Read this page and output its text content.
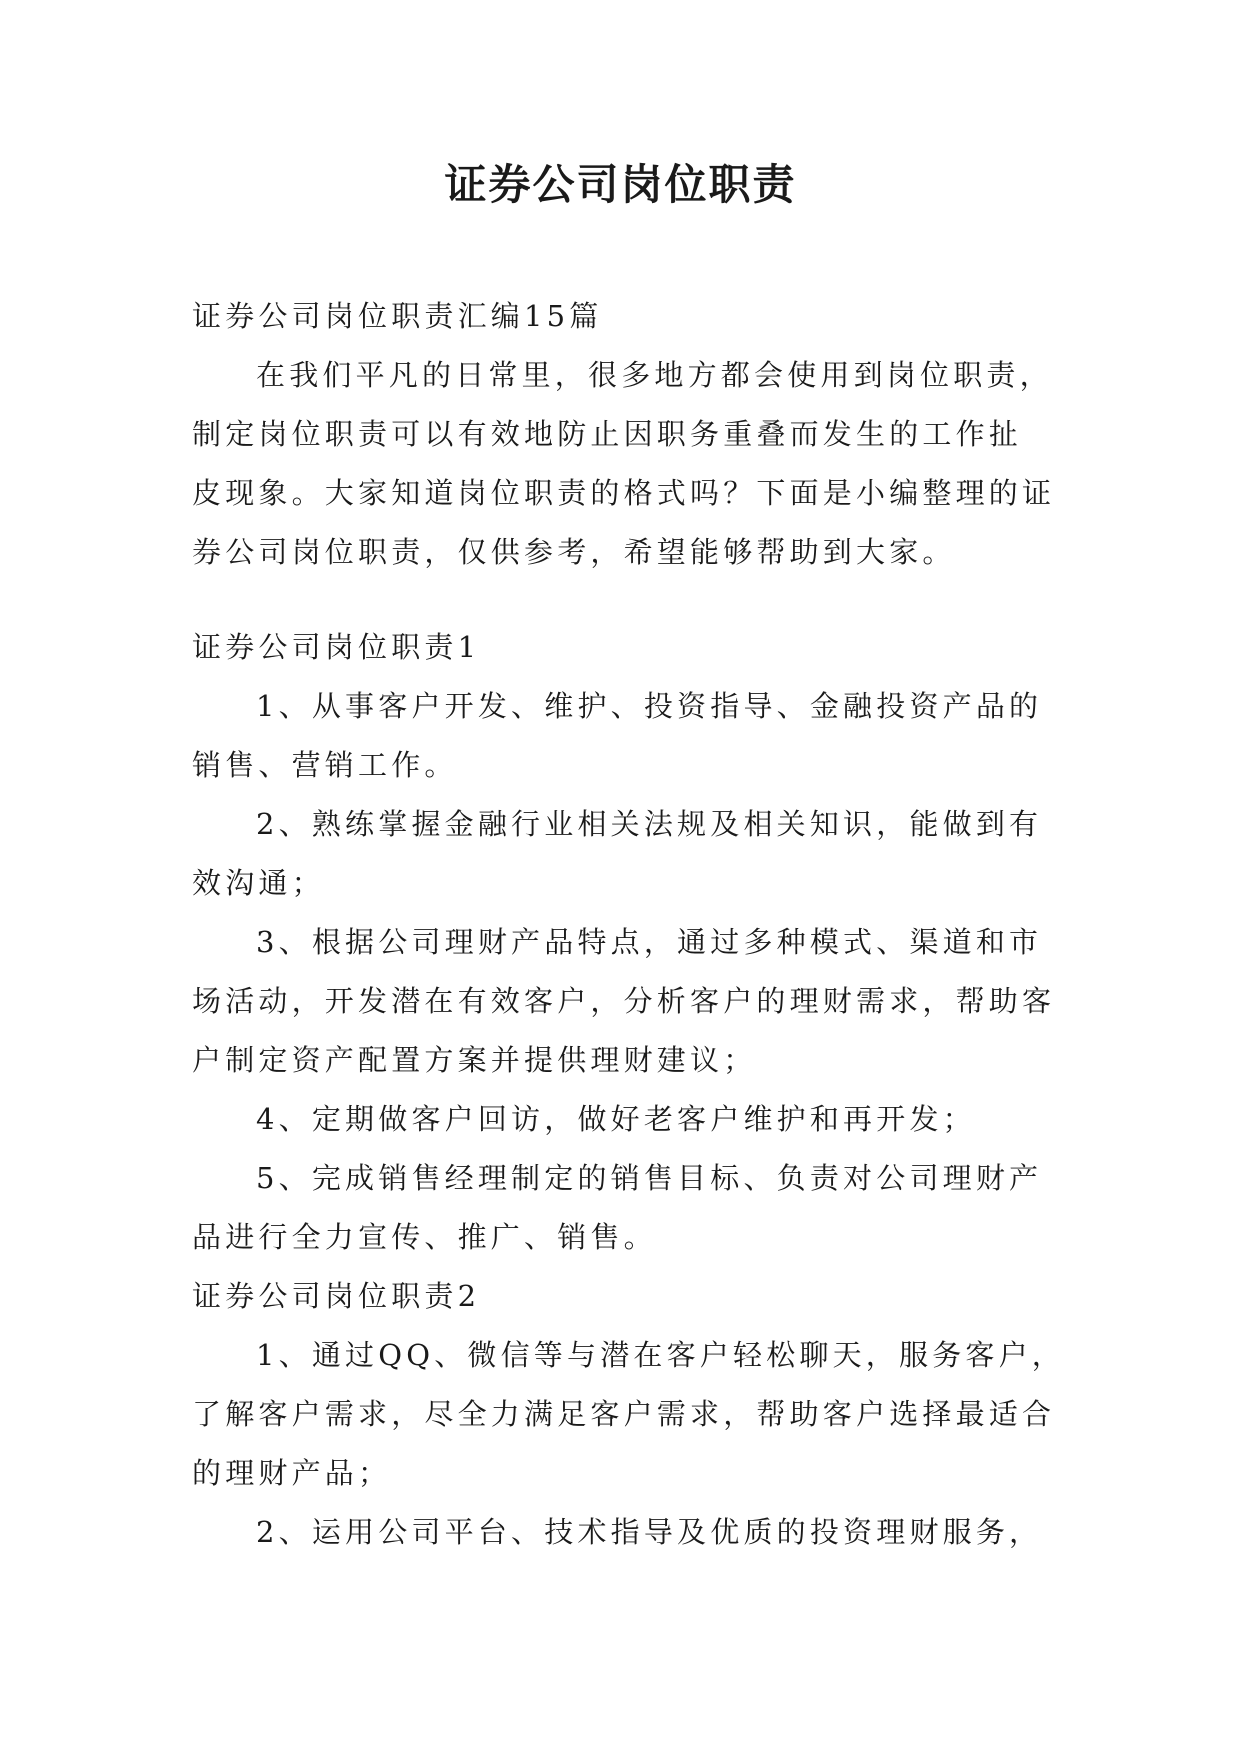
证券公司岗位职责
证券公司岗位职责汇编15篇
在我们平凡的日常里，很多地方都会使用到岗位职责，
制定岗位职责可以有效地防止因职务重叠而发生的工作扯
皮现象。大家知道岗位职责的格式吗？下面是小编整理的证
券公司岗位职责，仅供参考，希望能够帮助到大家。
证券公司岗位职责1
1、从事客户开发、维护、投资指导、金融投资产品的
销售、营销工作。
2、熟练掌握金融行业相关法规及相关知识，能做到有
效沟通；
3、根据公司理财产品特点，通过多种模式、渠道和市
场活动，开发潜在有效客户，分析客户的理财需求，帮助客
户制定资产配置方案并提供理财建议；
4、定期做客户回访，做好老客户维护和再开发；
5、完成销售经理制定的销售目标、负责对公司理财产
品进行全力宣传、推广、销售。
证券公司岗位职责2
1、通过QQ、微信等与潜在客户轻松聊天，服务客户，
了解客户需求，尽全力满足客户需求，帮助客户选择最适合
的理财产品；
2、运用公司平台、技术指导及优质的投资理财服务，
